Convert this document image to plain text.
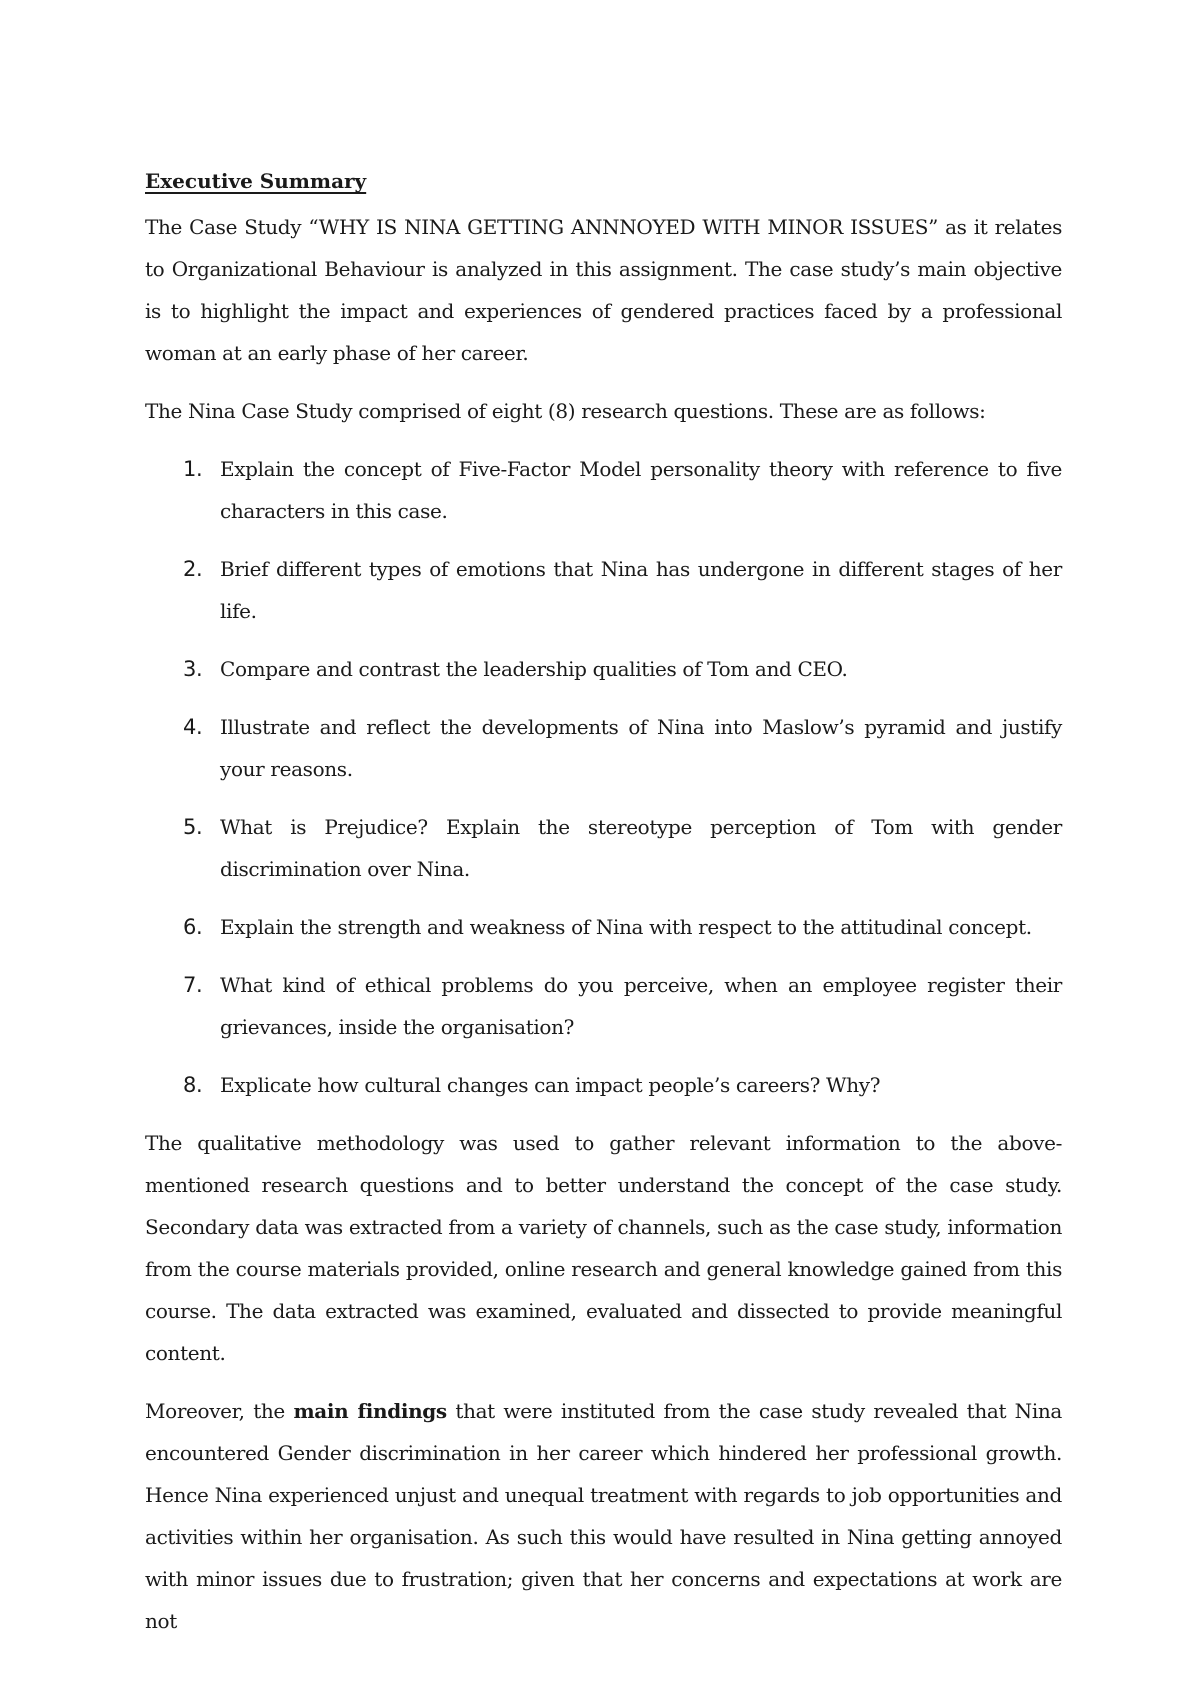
Executive Summary

The Case Study “WHY IS NINA GETTING ANNNOYED WITH MINOR ISSUES” as it relates to Organizational Behaviour is analyzed in this assignment. The case study’s main objective is to highlight the impact and experiences of gendered practices faced by a professional woman at an early phase of her career.

The Nina Case Study comprised of eight (8) research questions. These are as follows:

1. Explain the concept of Five-Factor Model personality theory with reference to five characters in this case.
2. Brief different types of emotions that Nina has undergone in different stages of her life.
3. Compare and contrast the leadership qualities of Tom and CEO.
4. Illustrate and reflect the developments of Nina into Maslow’s pyramid and justify your reasons.
5. What is Prejudice? Explain the stereotype perception of Tom with gender discrimination over Nina.
6. Explain the strength and weakness of Nina with respect to the attitudinal concept.
7. What kind of ethical problems do you perceive, when an employee register their grievances, inside the organisation?
8. Explicate how cultural changes can impact people’s careers? Why?

The qualitative methodology was used to gather relevant information to the above-mentioned research questions and to better understand the concept of the case study. Secondary data was extracted from a variety of channels, such as the case study, information from the course materials provided, online research and general knowledge gained from this course. The data extracted was examined, evaluated and dissected to provide meaningful content.

Moreover, the main findings that were instituted from the case study revealed that Nina encountered Gender discrimination in her career which hindered her professional growth. Hence Nina experienced unjust and unequal treatment with regards to job opportunities and activities within her organisation. As such this would have resulted in Nina getting annoyed with minor issues due to frustration; given that her concerns and expectations at work are not
